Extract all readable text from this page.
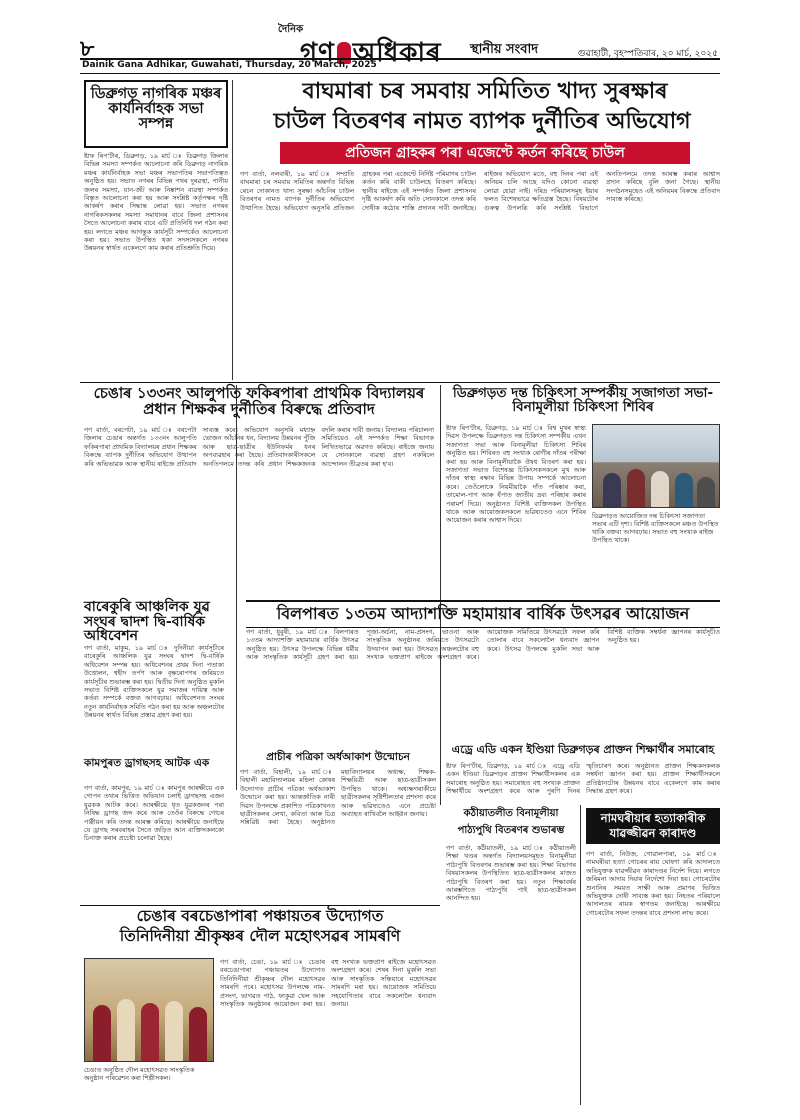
৮
দৈনিক
গণ অধিকাৰ স্থানীয় সংবাদ	গুৱাহাটী, বৃহস্পতিবাৰ, ২০ মাৰ্চ, ২০২৫
Dainik Gana Adhikar, Guwahati, Thursday, 20 March, 2025
ডিব্ৰুগড় নাগৰিক মঞ্চৰ কাৰ্যনিৰ্বাহক সভা সম্পন্ন
ষ্টাফ ৰিপ'ৰ্টাৰ, ডিব্ৰুগড়, ১৯ মাৰ্চ ঃ ডিব্ৰুগড় জিলাৰ বিভিন্ন সমস্যা সম্পৰ্কত আলোচনা কৰি ডিব্ৰুগড় নাগৰিক মঞ্চৰ কাৰ্যনিৰ্বাহক সভা মঞ্চৰ সভাপতিৰ সভাপতিত্বত অনুষ্ঠিত হয়। সভাত নগৰৰ বিভিন্ন পথৰ দুৰৱস্থা, পানীয় জলৰ সমস্যা, যান-জঁট আৰু নিষ্কাশন ব্যৱস্থা সম্পৰ্কত বিস্তৃত আলোচনা কৰা হয় আৰু সংশ্লিষ্ট কৰ্তৃপক্ষৰ দৃষ্টি আকৰ্ষণ কৰাৰ সিদ্ধান্ত লোৱা হয়। সভাত নগৰৰ নাগৰিকসকলৰ সমস্যা সমাধানৰ বাবে জিলা প্ৰশাসনৰ সৈতে আলোচনা কৰাৰ বাবে এটি প্ৰতিনিধি দল গঠন কৰা হয়। লগতে মঞ্চৰ আগন্তুক কাৰ্যসূচী সম্পৰ্কেও আলোচনা কৰা হয়। সভাত উপস্থিত থকা সদস্যসকলে নগৰৰ উন্নয়নৰ স্বাৰ্থত একেলগে কাম কৰাৰ প্ৰতিশ্ৰুতি দিয়ে।
বাঘমাৰা চৰ সমবায় সমিতিত খাদ্য সুৰক্ষাৰ
চাউল বিতৰণৰ নামত ব্যাপক দুৰ্নীতিৰ অভিযোগ
প্ৰতিজন গ্ৰাহকৰ পৰা এজেণ্টে কৰ্তন কৰিছে চাউল
গণ বাৰ্তা, নলবাৰী, ১৯ মাৰ্চ ঃ সম্প্ৰতি বাঘমাৰা চৰ সমবায় সমিতিৰ অন্তৰ্গত বিভিন্ন ৰেচন দোকানত খাদ্য সুৰক্ষা আঁচনিৰ চাউল বিতৰণৰ নামত ব্যাপক দুৰ্নীতিৰ অভিযোগ উত্থাপিত হৈছে। অভিযোগ অনুসৰি প্ৰতিজন গ্ৰাহকৰ পৰা এজেণ্টে নিৰ্দিষ্ট পৰিমাণৰ চাউল কৰ্তন কৰি বাকী চাউলহে বিতৰণ কৰিছে। স্থানীয় ৰাইজে এই সম্পৰ্কত জিলা প্ৰশাসনৰ দৃষ্টি আকৰ্ষণ কৰি অতি সোনকালে তদন্ত কৰি দোষীক কঠোৰ শাস্তি প্ৰদানৰ দাবী জনাইছে। ৰাইজৰ অভিযোগ মতে, বহু দিনৰ পৰা এই অনিয়ম চলি আছে যদিও কোনো ব্যৱস্থা লোৱা হোৱা নাই। দৰিদ্ৰ পৰিয়ালসমূহ ইয়াৰ ফলত বিশেষভাৱে ক্ষতিগ্ৰস্ত হৈছে। বিষয়টোৰ গুৰুত্ব উপলব্ধি কৰি সংশ্লিষ্ট বিভাগে অনতিপলমে তদন্ত আৰম্ভ কৰাৰ আশ্বাস প্ৰদান কৰিছে বুলি জনা গৈছে। স্থানীয় সংগঠনসমূহেও এই অনিয়মৰ বিৰুদ্ধে প্ৰতিবাদ সাব্যস্ত কৰিছে।
চেঙাৰ ১৩৩নং আলুপতি ফকিৰপাৰা প্ৰাথমিক বিদ্যালয়ৰ প্ৰধান শিক্ষকৰ দুৰ্নীতিৰ বিৰুদ্ধে প্ৰতিবাদ
গণ বাৰ্তা, বৰপেটা, ১৯ মাৰ্চ ঃ বৰপেটা জিলাৰ চেঙাৰ অন্তৰ্গত ১৩৩নং আলুপতি ফকিৰপাৰা প্ৰাথমিক বিদ্যালয়ৰ প্ৰধান শিক্ষকৰ বিৰুদ্ধে ব্যাপক দুৰ্নীতিৰ অভিযোগ উত্থাপন কৰি অভিভাৱক আৰু স্থানীয় ৰাইজে প্ৰতিবাদ সাব্যস্ত কৰে। অভিযোগ অনুসৰি মধ্যাহ্ন ভোজন আঁচনিৰ ধন, বিদ্যালয় উন্নয়নৰ পুঁজি আৰু ছাত্ৰ-ছাত্ৰীৰ ইউনিফৰ্মৰ ধনৰ অপব্যৱহাৰ কৰা হৈছে। প্ৰতিবাদকাৰীসকলে অনতিপলমে তদন্ত কৰি প্ৰধান শিক্ষকজনক বদলি কৰাৰ দাবী জনায়। বিদ্যালয় পৰিচালনা সমিতিয়েও এই সম্পৰ্কত শিক্ষা বিভাগক লিখিতভাৱে অৱগত কৰিছে। ৰাইজে জনায় যে সোনকালে ব্যৱস্থা গ্ৰহণ নকৰিলে আন্দোলন তীব্ৰতৰ কৰা হ'ব।
ডিব্ৰুগড়ত দন্ত চিকিৎসা সম্পৰ্কীয় সজাগতা সভা-বিনামূলীয়া চিকিৎসা শিবিৰ
ষ্টাফ ৰিপ'ৰ্টাৰ, ডিব্ৰুগড়, ১৯ মাৰ্চ ঃ বিশ্ব মুখৰ স্বাস্থ্য দিৱস উপলক্ষে ডিব্ৰুগড়ত দন্ত চিকিৎসা সম্পৰ্কীয় এখন সজাগতা সভা আৰু বিনামূলীয়া চিকিৎসা শিবিৰ অনুষ্ঠিত হয়। শিবিৰত বহু সংখ্যক ৰোগীৰ দাঁতৰ পৰীক্ষা কৰা হয় আৰু বিনামূলীয়াকৈ ঔষধ বিতৰণ কৰা হয়। সজাগতা সভাত বিশেষজ্ঞ চিকিৎসকসকলে মুখ আৰু দাঁতৰ স্বাস্থ্য ৰক্ষাৰ বিভিন্ন উপায় সম্পৰ্কে আলোচনা কৰে। তেওঁলোকে নিয়মীয়াকৈ দাঁত পৰিষ্কাৰ কৰা, তামোল-পাণ আৰু ধঁপাত জাতীয় দ্ৰব্য পৰিহাৰ কৰাৰ পৰামৰ্শ দিয়ে। অনুষ্ঠানত বিশিষ্ট ব্যক্তিসকল উপস্থিত থাকে আৰু আয়োজকসকলে ভৱিষ্যতেও এনে শিবিৰ আয়োজন কৰাৰ আশ্বাস দিয়ে।
ডিব্ৰুগড়ত আয়োজিত দন্ত চিকিৎসা সজাগতা সভাৰ এটি দৃশ্য। বিশিষ্ট ব্যক্তিসকলে মঞ্চত উপস্থিত থাকি বক্তব্য আগবঢ়ায়। সভাত বহু সংখ্যক ৰাইজ উপস্থিত থাকে।
বাৰেকুৰি আঞ্চলিক যুৱ সংঘৰ দ্বাদশ দ্বি-বাৰ্ষিক অধিবেশন
গণ বাৰ্তা, মাকুম, ১৯ মাৰ্চ ঃ দুদিনীয়া কাৰ্যসূচীৰে বাৰেকুৰি আঞ্চলিক যুৱ সংঘৰ দ্বাদশ দ্বি-বাৰ্ষিক অধিবেশন সম্পন্ন হয়। অধিবেশনৰ প্ৰথম দিনা পতাকা উত্তোলন, শ্বহীদ তৰ্পণ আৰু বৃক্ষৰোপণৰ জৰিয়তে কাৰ্যসূচীৰ শুভাৰম্ভ কৰা হয়। দ্বিতীয় দিনা অনুষ্ঠিত মুকলি সভাত বিশিষ্ট ব্যক্তিসকলে যুৱ সমাজৰ দায়িত্ব আৰু কৰ্তব্য সম্পৰ্কে বক্তব্য আগবঢ়ায়। অধিবেশনত সংঘৰ নতুন কাৰ্যনিৰ্বাহক সমিতি গঠন কৰা হয় আৰু অঞ্চলটোৰ উন্নয়নৰ স্বাৰ্থত বিভিন্ন প্ৰস্তাৱ গ্ৰহণ কৰা হয়।
কামপুৰত ড্ৰাগছসহ আটক এক
গণ বাৰ্তা, কামপুৰ, ১৯ মাৰ্চ ঃ কামপুৰ আৰক্ষীয়ে এক গোপন তথ্যৰ ভিত্তিত অভিযান চলাই ড্ৰাগছসহ এজন যুৱকক আটক কৰে। আৰক্ষীয়ে ধৃত যুৱকজনৰ পৰা নিষিদ্ধ ড্ৰাগছ জব্দ কৰে আৰু তেওঁৰ বিৰুদ্ধে গোচৰ পঞ্জীয়ন কৰি তদন্ত আৰম্ভ কৰিছে। আৰক্ষীয়ে জনাইছে যে ড্ৰাগছ সৰবৰাহৰ সৈতে জড়িত আন ব্যক্তিসকলকো চিনাক্ত কৰাৰ প্ৰচেষ্টা চলোৱা হৈছে।
বিলপাৰত ১৩তম আদ্যাশক্তি মহামায়াৰ বাৰ্ষিক উৎসৱৰ আয়োজন
গণ বাৰ্তা, ধুবুৰী, ১৯ মাৰ্চ ঃ বিলপাৰত ১৩তম আদ্যাশক্তি মহামায়াৰ বাৰ্ষিক উৎসৱ অনুষ্ঠিত হয়। উৎসৱ উপলক্ষে বিভিন্ন ধৰ্মীয় আৰু সাংস্কৃতিক কাৰ্যসূচী গ্ৰহণ কৰা হয়। পূজা-অৰ্চনা, নাম-প্ৰসংগ, ভাওনা আৰু সাংস্কৃতিক অনুষ্ঠানৰ জৰিয়তে উৎসৱটো উদযাপন কৰা হয়। উৎসৱত অঞ্চলটোৰ বহু সংখ্যক ভক্তপ্ৰাণ ৰাইজে অংশগ্ৰহণ কৰে। আয়োজক সমিতিয়ে উৎসৱটো সফল কৰি তোলাৰ বাবে সকলোলৈ ধন্যবাদ জ্ঞাপন কৰে। উৎসৱ উপলক্ষে মুকলি সভা আৰু বিশিষ্ট ব্যক্তিক সম্বৰ্ধনা জ্ঞাপনৰ কাৰ্যসূচীও অনুষ্ঠিত হয়।
প্ৰাচীৰ পত্ৰিকা অৰ্ধআকাশ উন্মোচন
গণ বাৰ্তা, বিহালী, ১৯ মাৰ্চ ঃ বিহালী মহাবিদ্যালয়ৰ মহিলা কোষৰ উদ্যোগত প্ৰাচীৰ পত্ৰিকা অৰ্ধআকাশ উন্মোচন কৰা হয়। আন্তৰ্জাতিক নাৰী দিৱস উপলক্ষে প্ৰকাশিত পত্ৰিকাখনত ছাত্ৰীসকলৰ লেখা, কবিতা আৰু চিত্ৰ সন্নিৱিষ্ট কৰা হৈছে। অনুষ্ঠানত মহাবিদ্যালয়ৰ অধ্যক্ষ, শিক্ষক-শিক্ষয়িত্ৰী আৰু ছাত্ৰ-ছাত্ৰীসকল উপস্থিত থাকে। অধ্যক্ষগৰাকীয়ে ছাত্ৰীসকলৰ সৃষ্টিশীলতাৰ প্ৰশংসা কৰে আৰু ভৱিষ্যতেও এনে প্ৰচেষ্টা অব্যাহত ৰাখিবলৈ আহ্বান জনায়।
এড্ৰে এডি একন ইণ্ডিয়া ডিব্ৰুগড়ৰ প্ৰাক্তন শিক্ষাৰ্থীৰ সমাৰোহ
ষ্টাফ ৰিপ'ৰ্টাৰ, ডিব্ৰুগড়, ১৯ মাৰ্চ ঃ এড্ৰে এডি একন ইণ্ডিয়া ডিব্ৰুগড়ৰ প্ৰাক্তন শিক্ষাৰ্থীসকলৰ এক সমাৰোহ অনুষ্ঠিত হয়। সমাৰোহত বহু সংখ্যক প্ৰাক্তন শিক্ষাৰ্থীয়ে অংশগ্ৰহণ কৰে আৰু পুৰণি দিনৰ স্মৃতিচাৰণ কৰে। অনুষ্ঠানত প্ৰাক্তন শিক্ষকসকলক সম্বৰ্ধনা জ্ঞাপন কৰা হয়। প্ৰাক্তন শিক্ষাৰ্থীসকলে প্ৰতিষ্ঠানটোৰ উন্নয়নৰ বাবে একেলগে কাম কৰাৰ সিদ্ধান্ত গ্ৰহণ কৰে।
কঠীয়াতলীত বিনামূলীয়া পাঠ্যপুথি বিতৰণৰ শুভাৰম্ভ
গণ বাৰ্তা, কঠীয়াতলী, ১৯ মাৰ্চ ঃ কঠীয়াতলী শিক্ষা খণ্ডৰ অন্তৰ্গত বিদ্যালয়সমূহত বিনামূলীয়া পাঠ্যপুথি বিতৰণৰ শুভাৰম্ভ কৰা হয়। শিক্ষা বিভাগৰ বিষয়াসকলৰ উপস্থিতিত ছাত্ৰ-ছাত্ৰীসকলৰ মাজত পাঠ্যপুথি বিতৰণ কৰা হয়। নতুন শিক্ষাবৰ্ষৰ আৰম্ভণিতে পাঠ্যপুথি পাই ছাত্ৰ-ছাত্ৰীসকল আনন্দিত হয়।
চেঙাৰ বৰচেঙাপাৰা পঞ্চায়তৰ উদ্যোগত
তিনিদিনীয়া শ্ৰীকৃষ্ণৰ দৌল মহোৎসৱৰ সামৰণি
চেঙাত অনুষ্ঠিত দৌল মহোৎসৱত সাংস্কৃতিক অনুষ্ঠান পৰিৱেশন কৰা শিল্পীসকল।
গণ বাৰ্তা, চেঙা, ১৯ মাৰ্চ ঃ চেঙাৰ বৰচেঙাপাৰা পঞ্চায়তৰ উদ্যোগত তিনিদিনীয়া শ্ৰীকৃষ্ণৰ দৌল মহোৎসৱৰ সামৰণি পৰে। মহোৎসৱ উপলক্ষে নাম-প্ৰসংগ, ভাগৱত পাঠ, ফাকুৱা খেল আৰু সাংস্কৃতিক অনুষ্ঠানৰ আয়োজন কৰা হয়। বহু সংখ্যক ভক্তপ্ৰাণ ৰাইজে মহোৎসৱত অংশগ্ৰহণ কৰে। শেষৰ দিনা মুকলি সভা আৰু সাংস্কৃতিক সন্ধিয়াৰে মহোৎসৱৰ সামৰণি মৰা হয়। আয়োজক সমিতিয়ে সহযোগিতাৰ বাবে সকলোলৈ ধন্যবাদ জনায়।
নামঘৰীয়াৰ হত্যাকাৰীক যাৱজ্জীৱন কাৰাদণ্ড
গণ বাৰ্তা, নিউজ, গোৱালপাৰা, ১৯ মাৰ্চ ঃ নামঘৰীয়া হত্যা গোচৰৰ ৰায় ঘোষণা কৰি আদালতে অভিযুক্তক যাৱজ্জীৱন কাৰাদণ্ডৰ নিৰ্দেশ দিয়ে। লগতে জৰিমনা আদায় দিয়াৰ নিৰ্দেশো দিয়া হয়। গোচৰটোৰ শুনানিৰ সময়ত সাক্ষী আৰু প্ৰমাণৰ ভিত্তিত অভিযুক্তক দোষী সাব্যস্ত কৰা হয়। নিহতৰ পৰিয়ালে আদালতৰ ৰায়ক স্বাগতম জনাইছে। আৰক্ষীয়ে গোচৰটোৰ সফল তদন্তৰ বাবে প্ৰশংসা লাভ কৰে।
